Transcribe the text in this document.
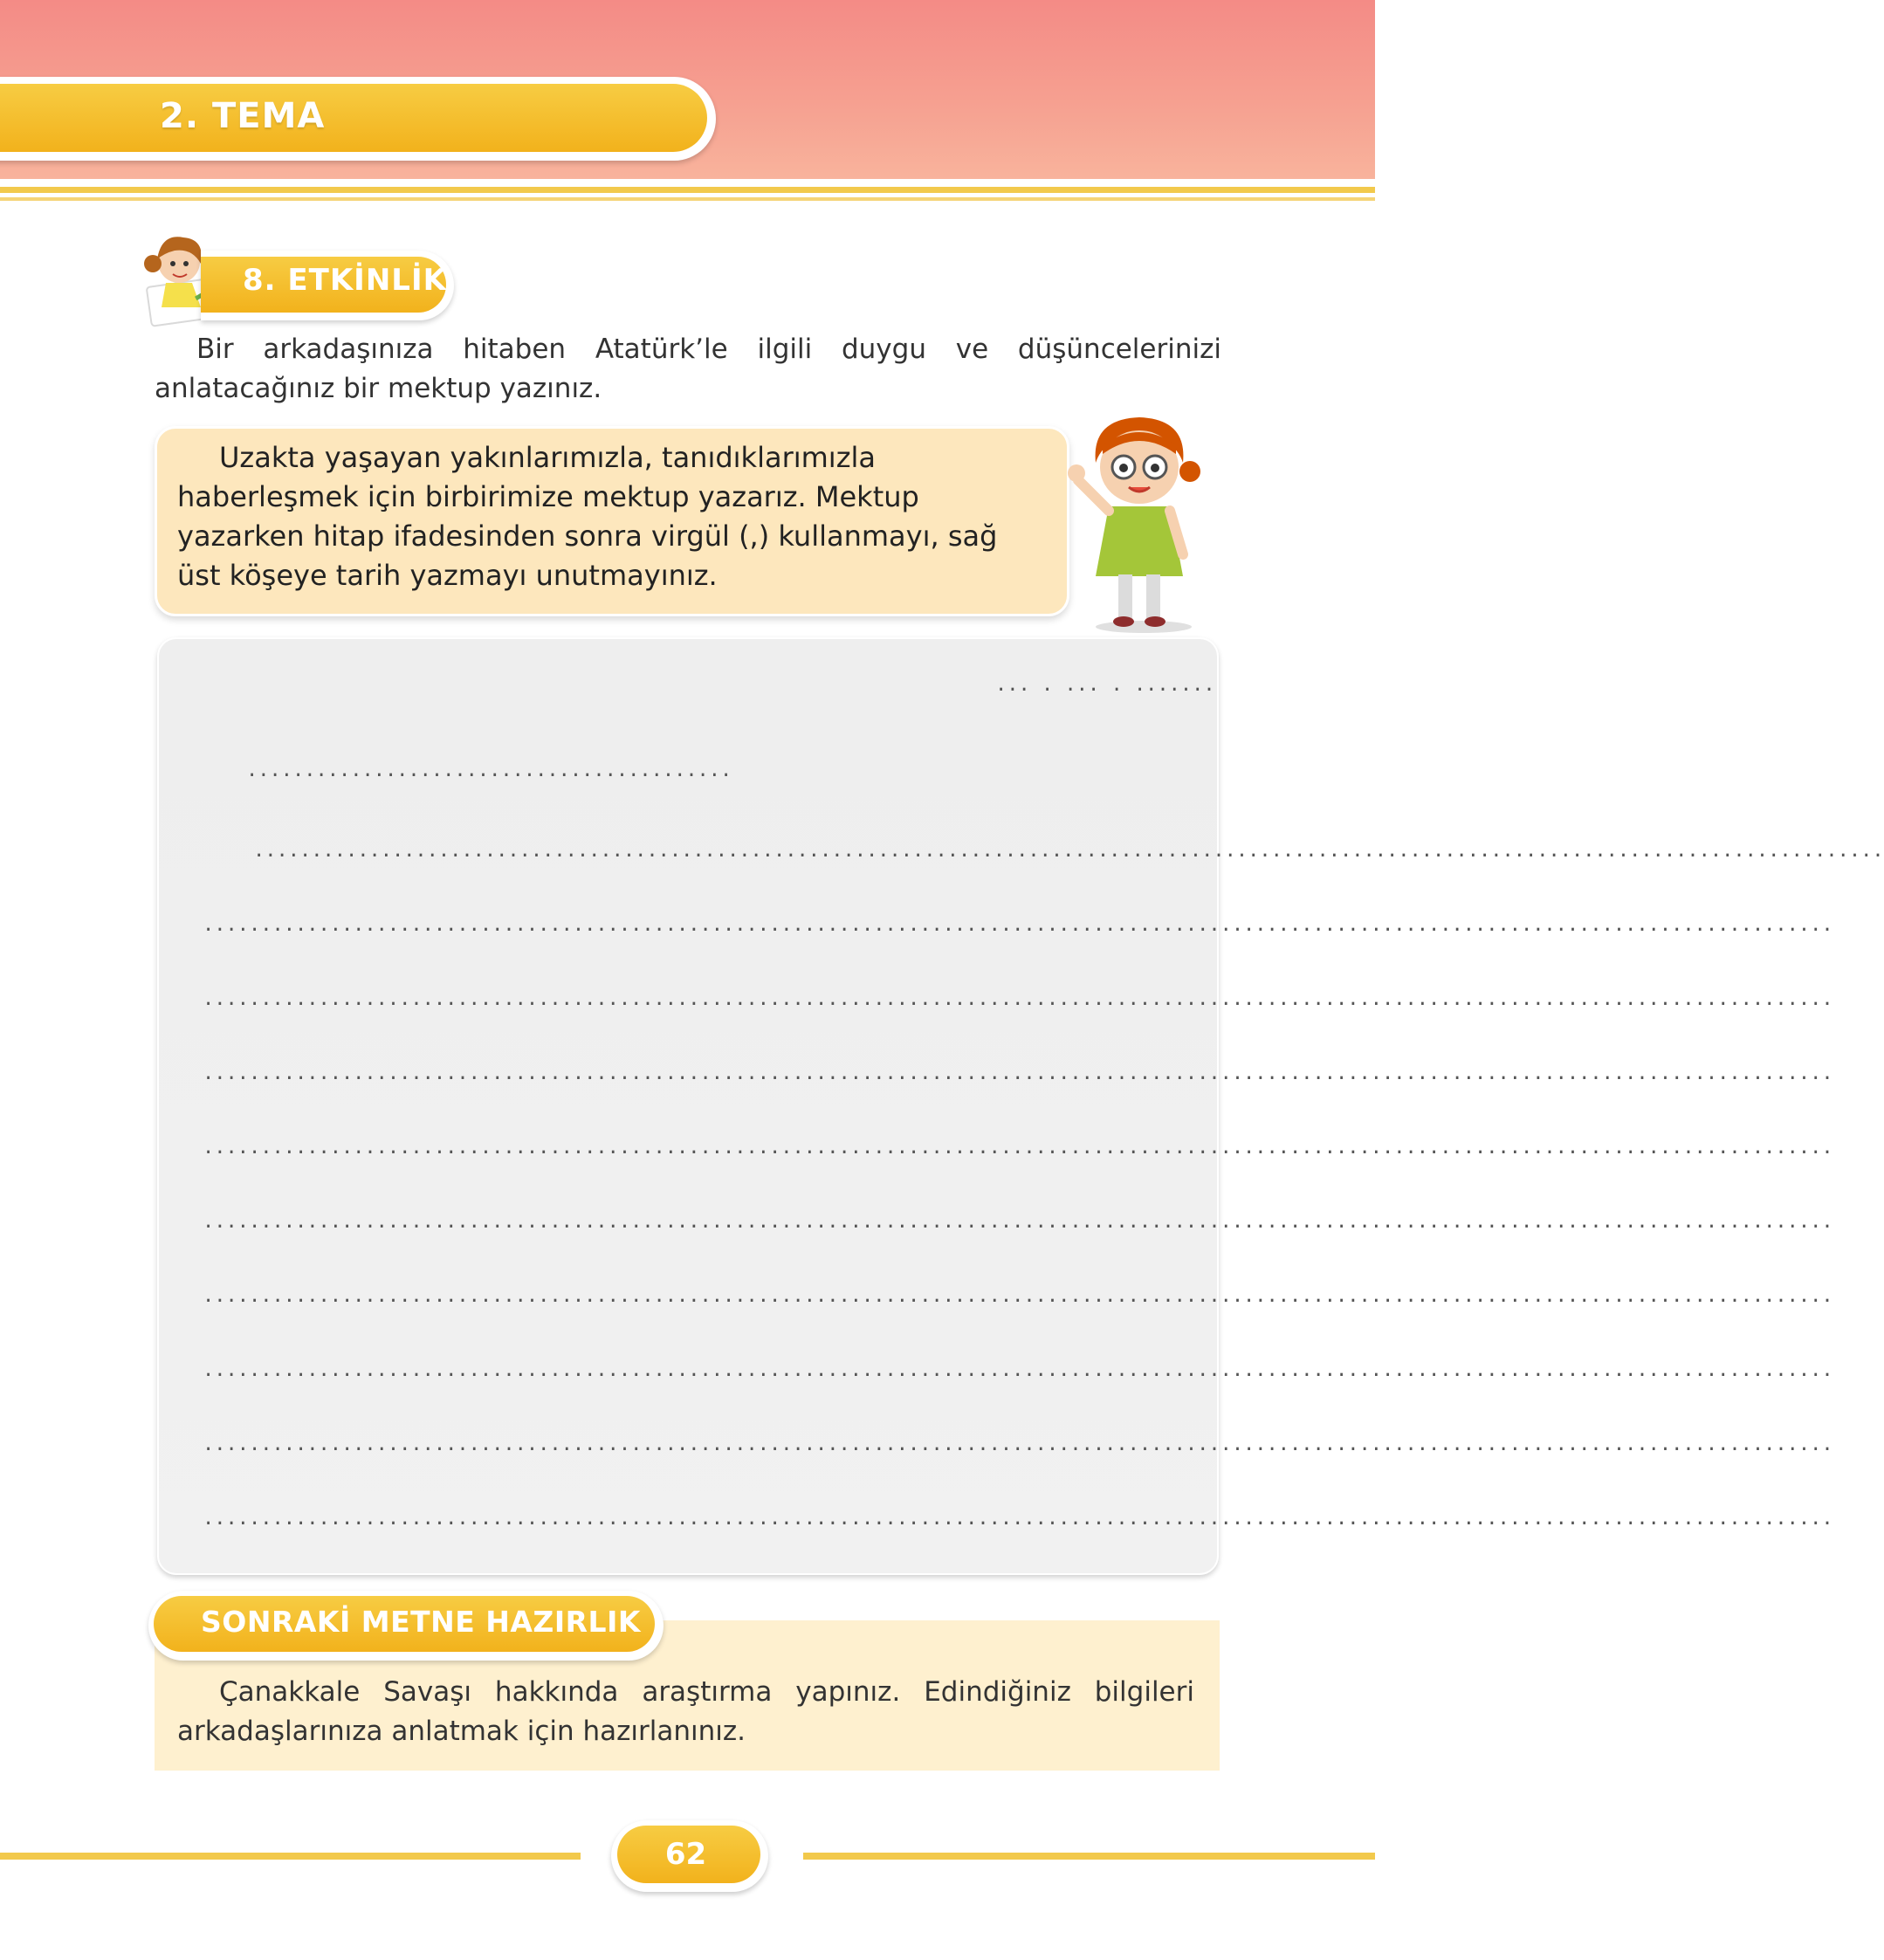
2. TEMA
8. ETKİNLİK
Bir arkadaşınıza hitaben Atatürk’le ilgili duygu ve düşüncelerinizi anlatacağınız bir mektup yazınız.
Uzakta yaşayan yakınlarımızla, tanıdıklarımızla haberleşmek için birbirimize mektup yazarız. Mektup yazarken hitap ifadesinden sonra virgül (,) kullanmayı, sağ üst köşeye tarih yazmayı unutmayınız.
... . ... . .......
..........................................
.............................................................................................................................................
.............................................................................................................................................
.............................................................................................................................................
.............................................................................................................................................
.............................................................................................................................................
.............................................................................................................................................
.............................................................................................................................................
.............................................................................................................................................
.............................................................................................................................................
.............................................................................................................................................
SONRAKİ METNE HAZIRLIK
Çanakkale Savaşı hakkında araştırma yapınız. Edindiğiniz bilgileri arkadaşlarınıza anlatmak için hazırlanınız.
62
